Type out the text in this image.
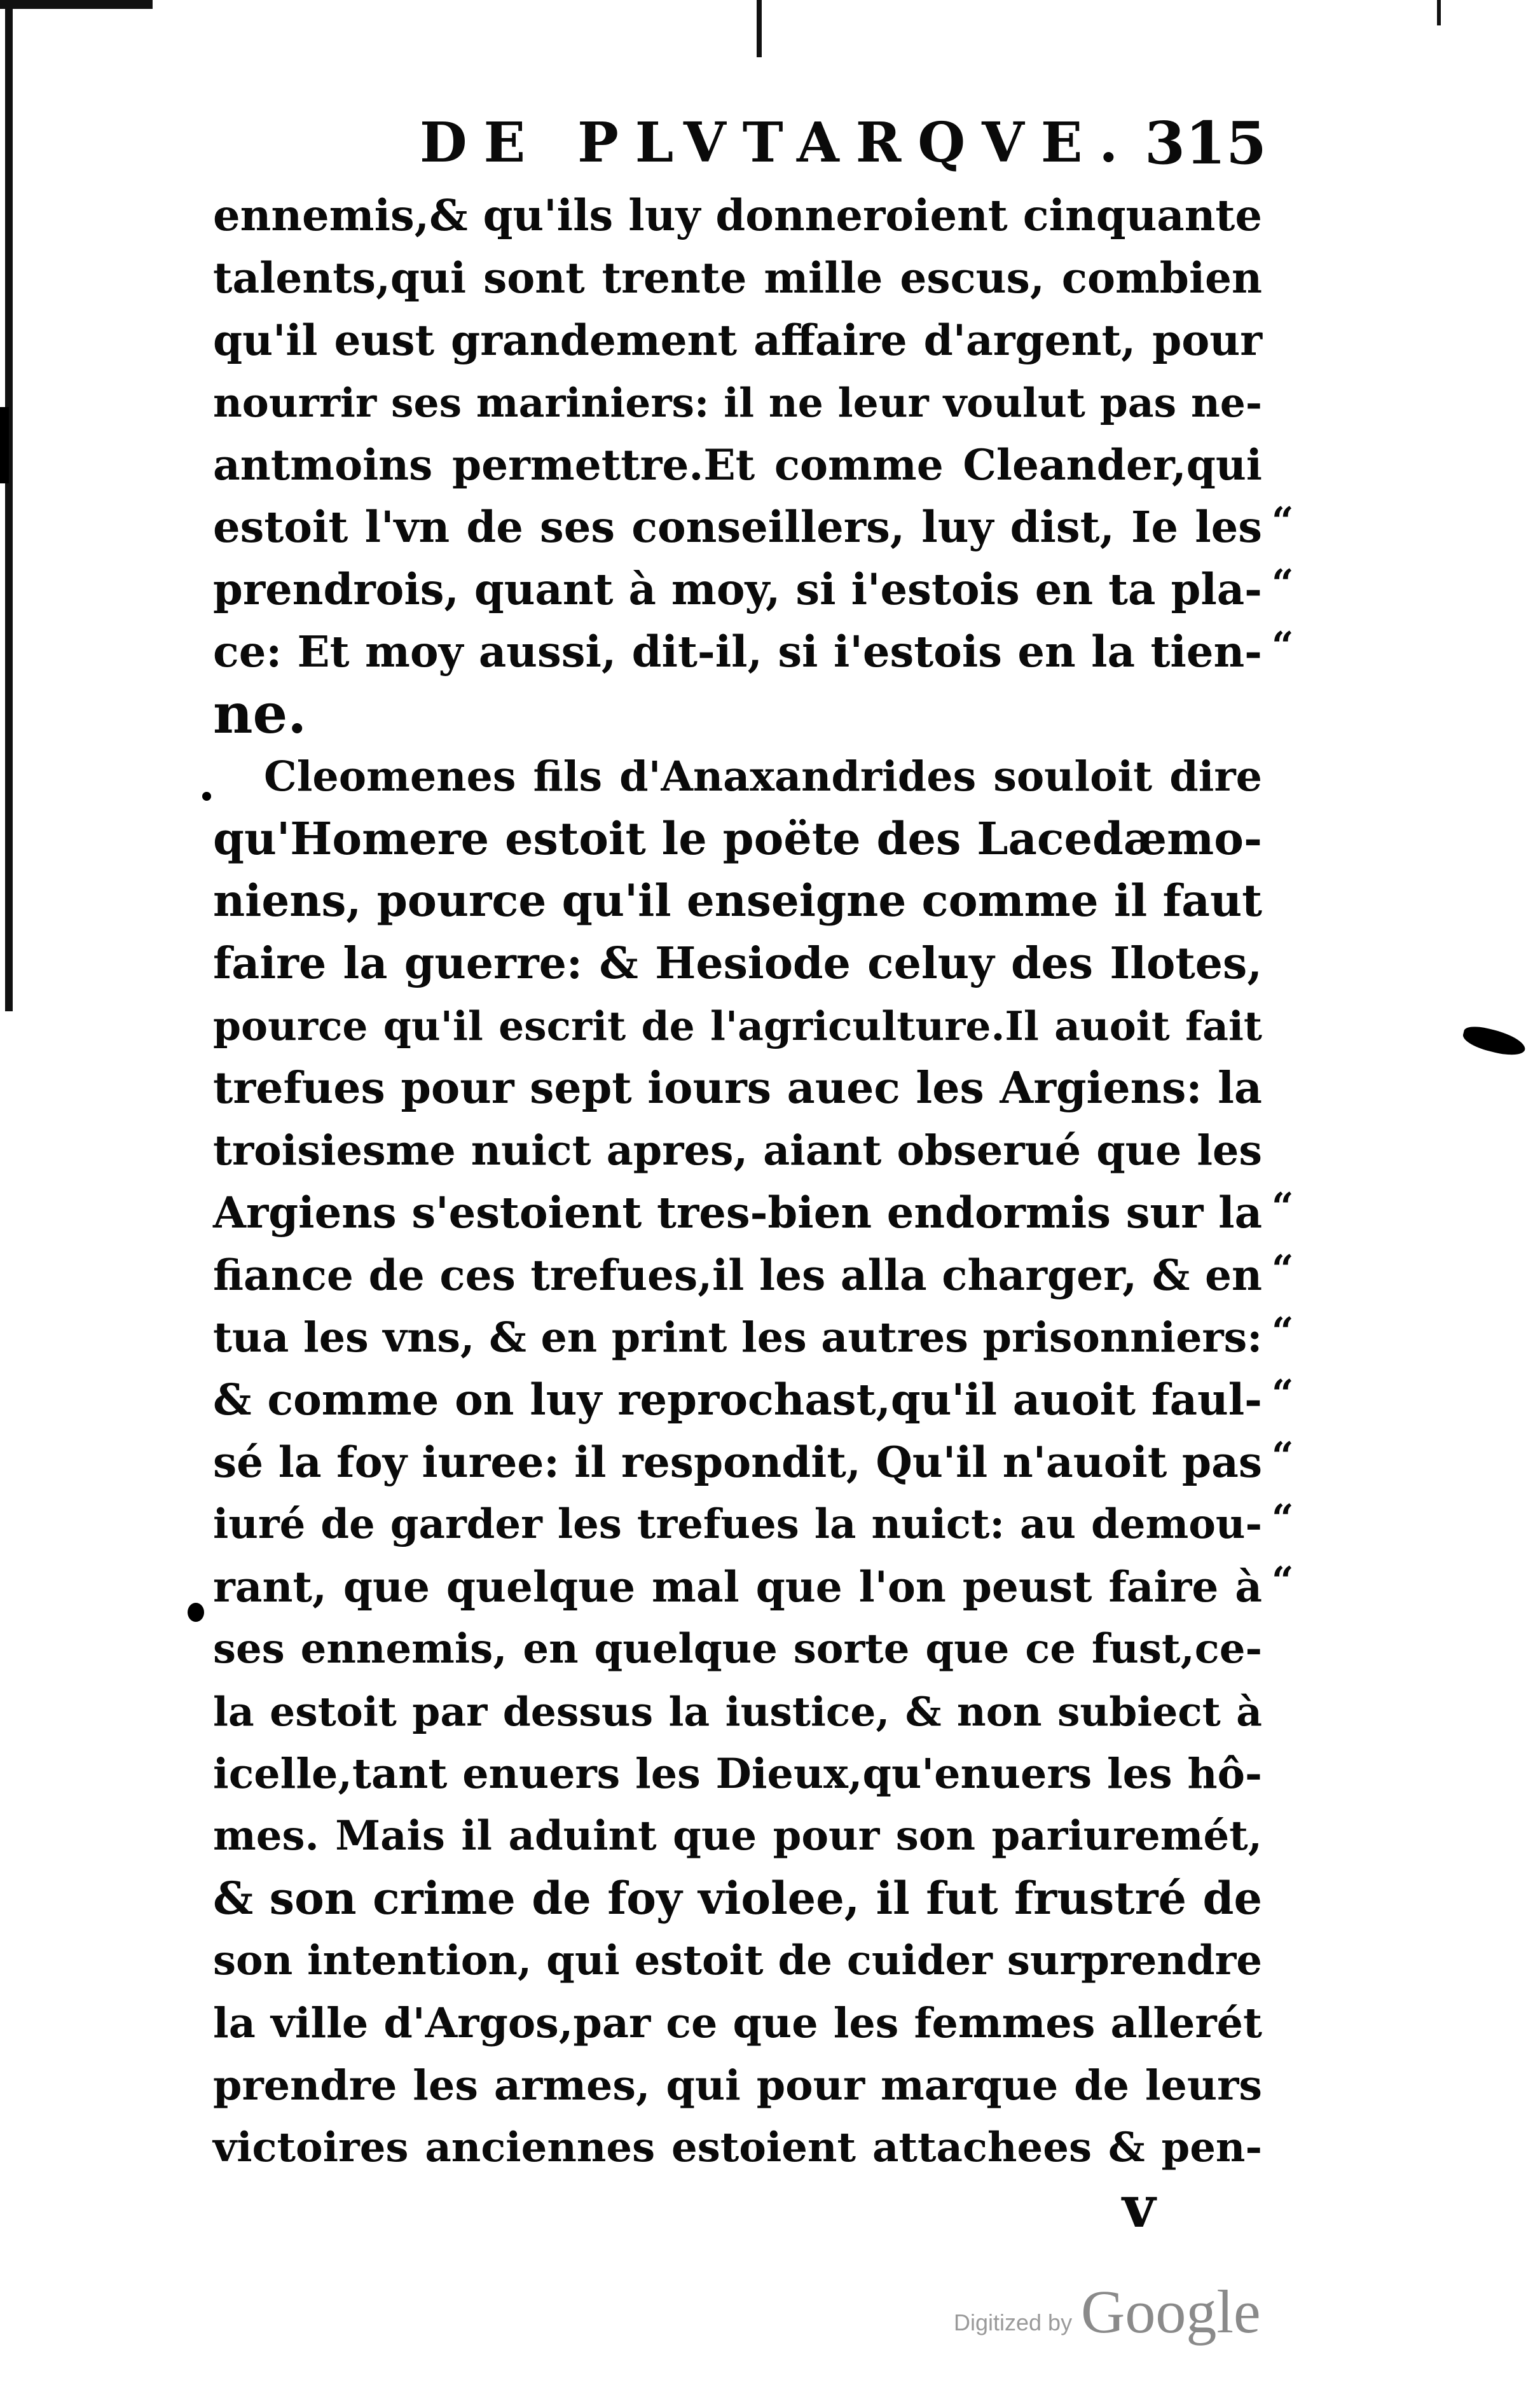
DE PLVTARQVE. 315
ennemis,& qu'ils luy donneroient cinquante
talents,qui sont trente mille escus, combien
qu'il eust grandement affaire d'argent, pour
nourrir ses mariniers: il ne leur voulut pas ne-
antmoins permettre.Et comme Cleander,qui
estoit l'vn de ses conseillers, luy dist, Ie les
prendrois, quant à moy, si i'estois en ta pla-
ce: Et moy aussi, dit-il, si i'estois en la tien-
ne.
Cleomenes fils d'Anaxandrides souloit dire
qu'Homere estoit le poëte des Lacedæmo-
niens, pource qu'il enseigne comme il faut
faire la guerre: & Hesiode celuy des Ilotes,
pource qu'il escrit de l'agriculture.Il auoit fait
trefues pour sept iours auec les Argiens: la
troisiesme nuict apres, aiant obserué que les
Argiens s'estoient tres-bien endormis sur la
fiance de ces trefues,il les alla charger, & en
tua les vns, & en print les autres prisonniers:
& comme on luy reprochast,qu'il auoit faul-
sé la foy iuree: il respondit, Qu'il n'auoit pas
iuré de garder les trefues la nuict: au demou-
rant, que quelque mal que l'on peust faire à
ses ennemis, en quelque sorte que ce fust,ce-
la estoit par dessus la iustice, & non subiect à
icelle,tant enuers les Dieux,qu'enuers les hô-
mes. Mais il aduint que pour son pariuremét,
& son crime de foy violee, il fut frustré de
son intention, qui estoit de cuider surprendre
la ville d'Argos,par ce que les femmes allerét
prendre les armes, qui pour marque de leurs
victoires anciennes estoient attachees & pen-
“
“
“
“
“
“
“
“
“
“
v
Digitized by Google
